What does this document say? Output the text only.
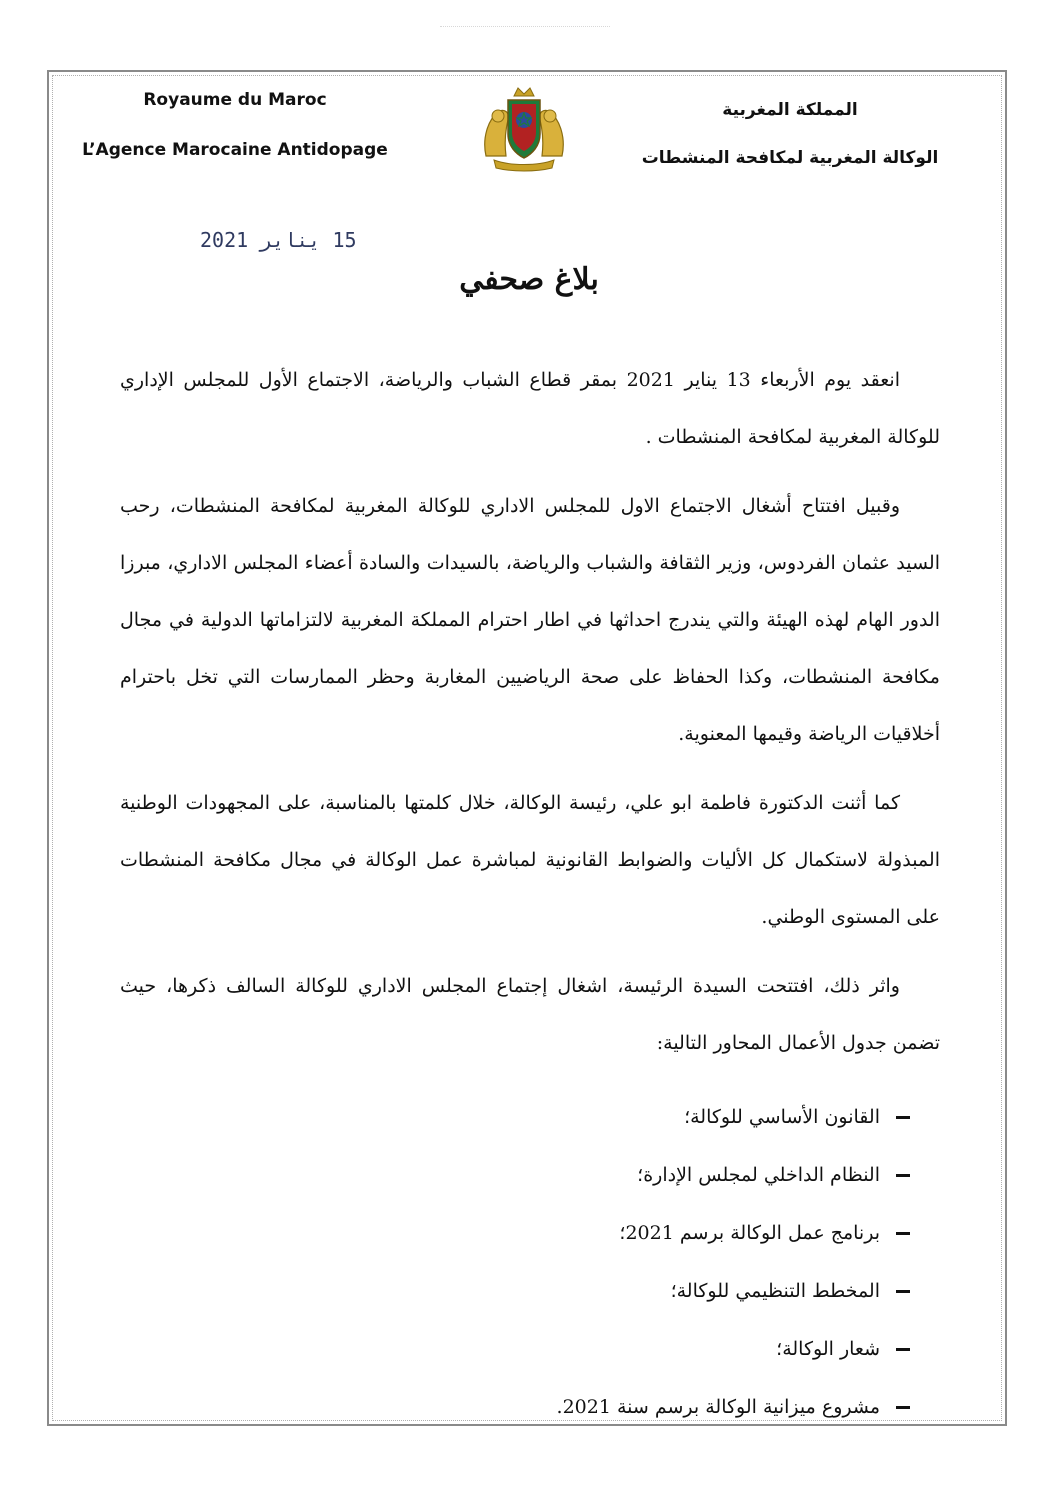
Royaume du Maroc
L’Agence Marocaine Antidopage
المملكة المغربية
الوكالة المغربية لمكافحة المنشطات
15 يناير 2021
بلاغ صحفي

انعقد يوم الأربعاء 13 يناير 2021 بمقر قطاع الشباب والرياضة، الاجتماع الأول للمجلس الإداري للوكالة المغربية لمكافحة المنشطات .

وقبيل افتتاح أشغال الاجتماع الاول للمجلس الاداري للوكالة المغربية لمكافحة المنشطات، رحب السيد عثمان الفردوس، وزير الثقافة والشباب والرياضة، بالسيدات والسادة أعضاء المجلس الاداري، مبرزا الدور الهام لهذه الهيئة والتي يندرج احداثها في اطار احترام المملكة المغربية لالتزاماتها الدولية في مجال مكافحة المنشطات، وكذا الحفاظ على صحة الرياضيين المغاربة وحظر الممارسات التي تخل باحترام أخلاقيات الرياضة وقيمها المعنوية.

كما أثنت الدكتورة فاطمة ابو علي، رئيسة الوكالة، خلال كلمتها بالمناسبة، على المجهودات الوطنية المبذولة لاستكمال كل الأليات والضوابط القانونية لمباشرة عمل الوكالة في مجال مكافحة المنشطات على المستوى الوطني.

واثر ذلك، افتتحت السيدة الرئيسة، اشغال إجتماع المجلس الاداري للوكالة السالف ذكرها، حيث تضمن جدول الأعمال المحاور التالية:

القانون الأساسي للوكالة؛
النظام الداخلي لمجلس الإدارة؛
برنامج عمل الوكالة برسم 2021؛
المخطط التنظيمي للوكالة؛
شعار الوكالة؛
مشروع ميزانية الوكالة برسم سنة 2021.
